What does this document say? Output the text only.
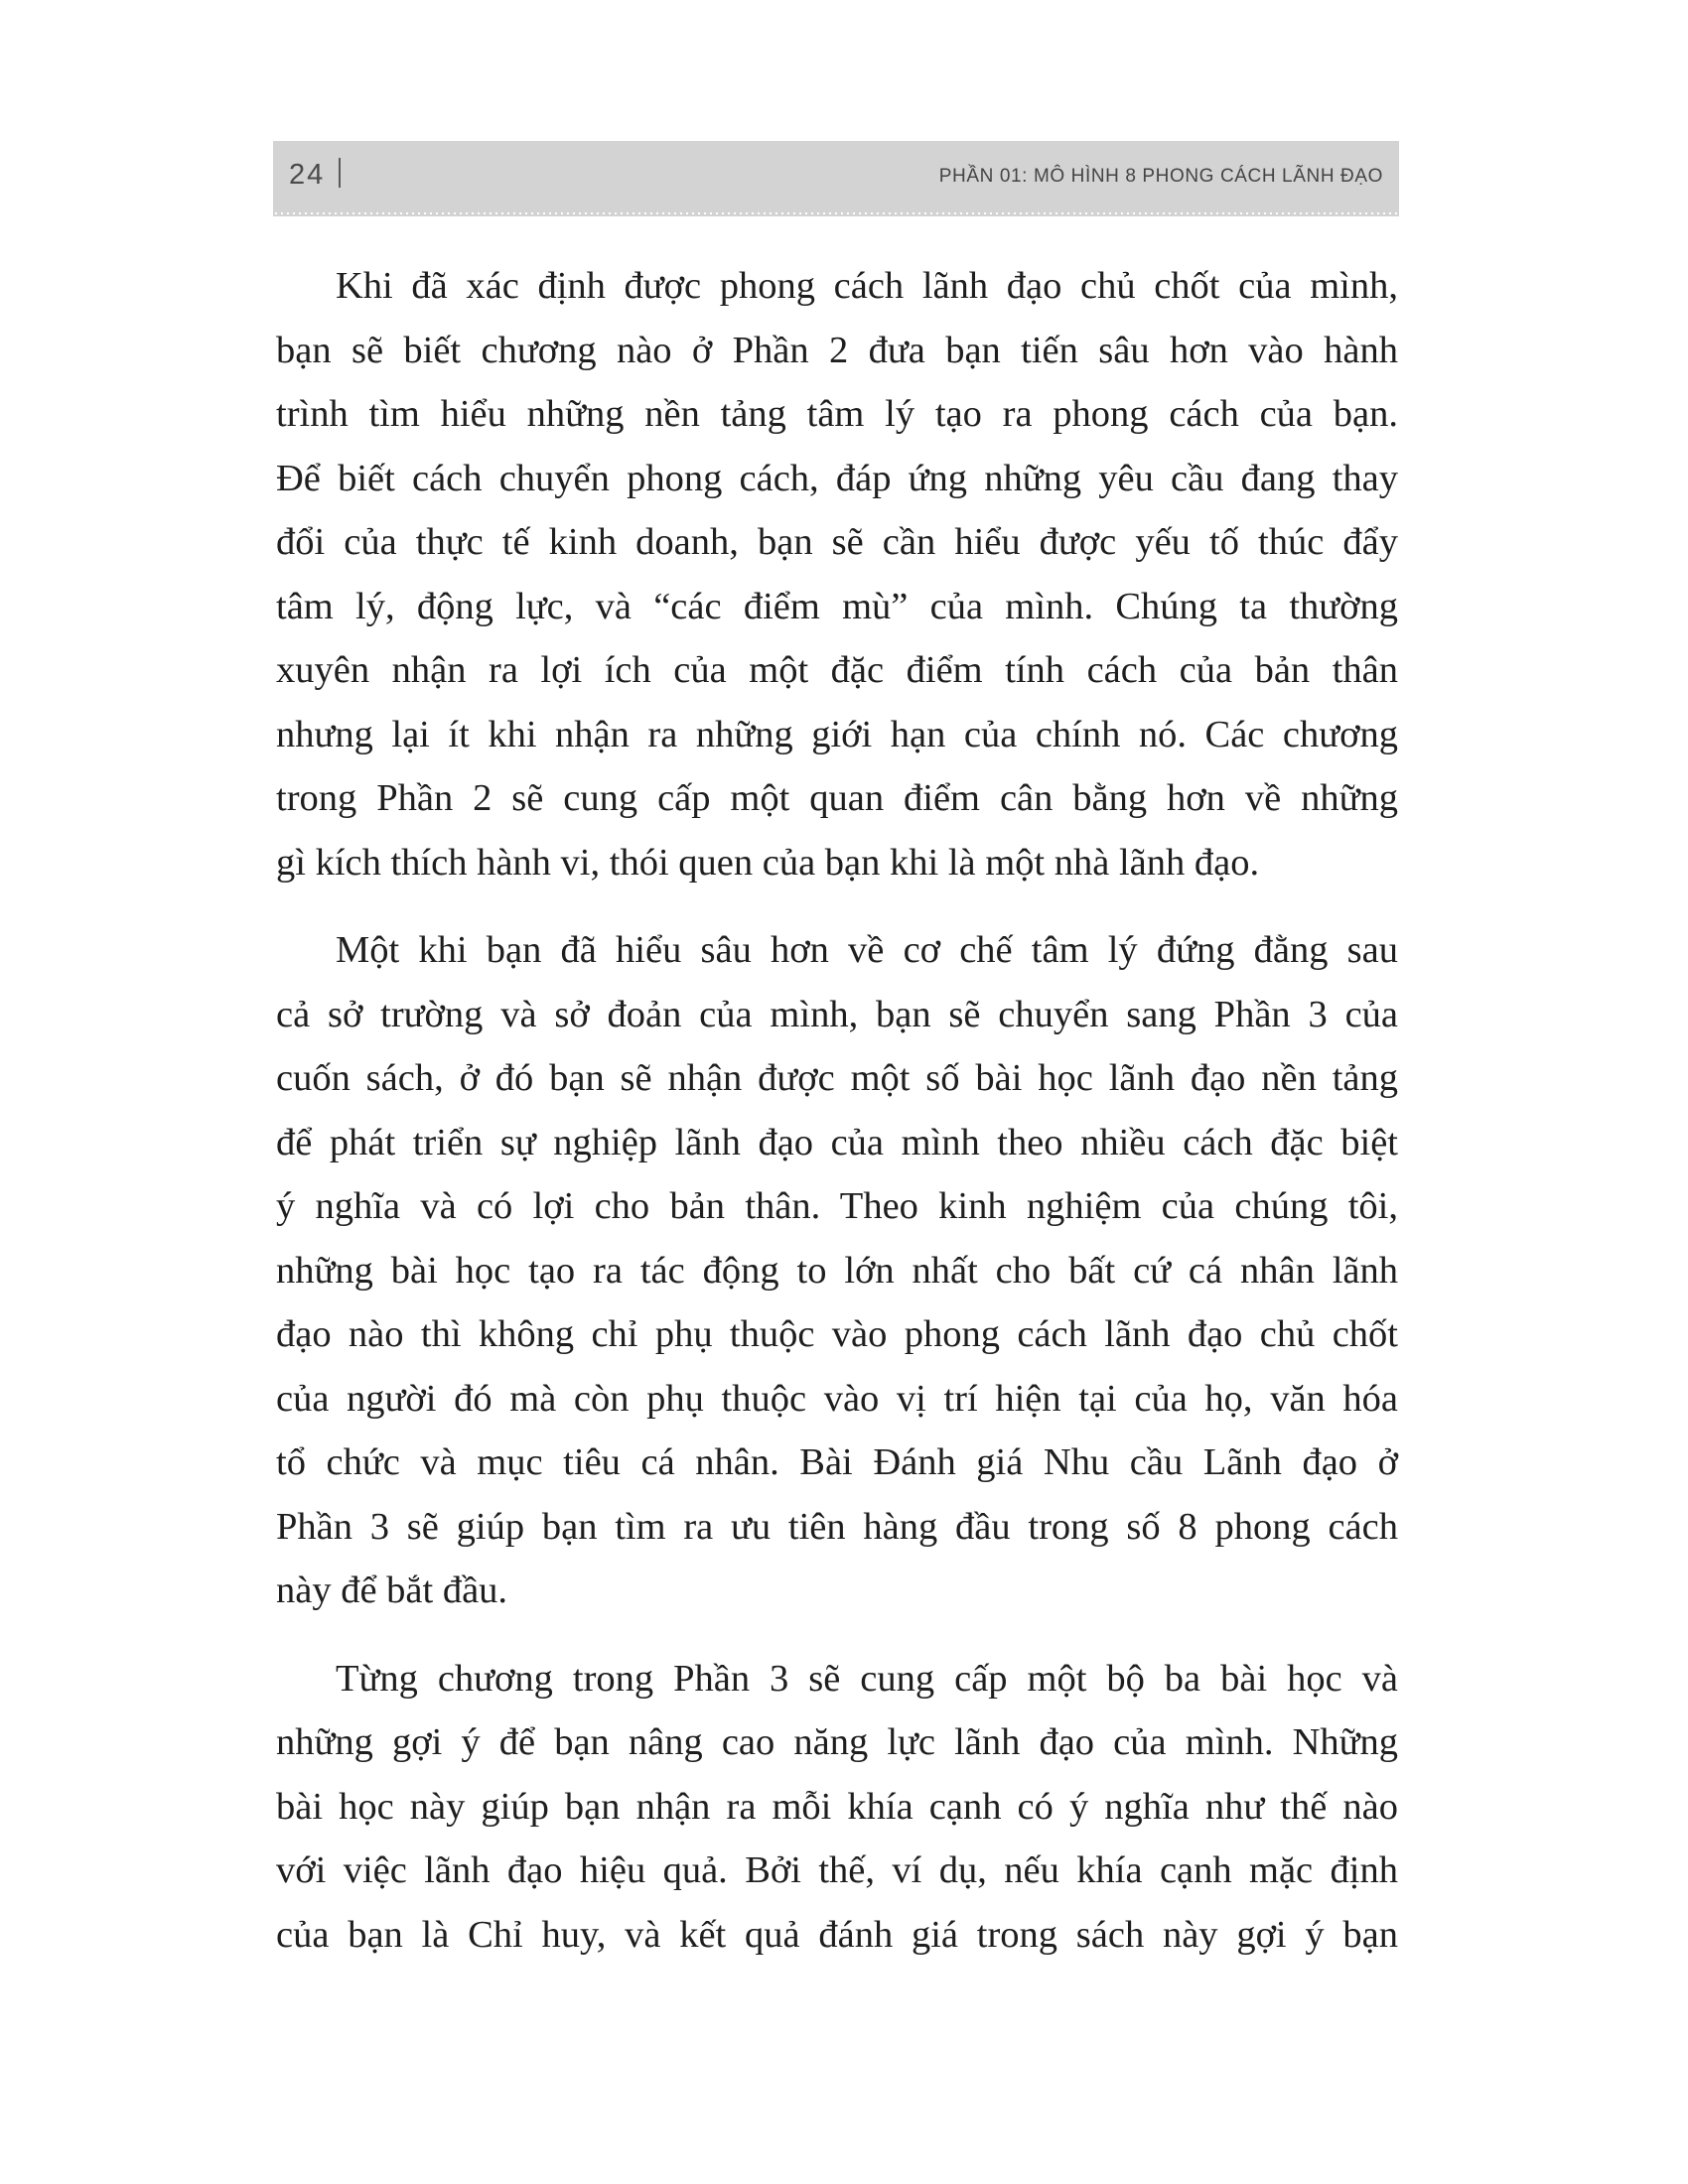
24	PHẦN 01: MÔ HÌNH 8 PHONG CÁCH LÃNH ĐẠO
Khi đã xác định được phong cách lãnh đạo chủ chốt của mình,
bạn sẽ biết chương nào ở Phần 2 đưa bạn tiến sâu hơn vào hành
trình tìm hiểu những nền tảng tâm lý tạo ra phong cách của bạn.
Để biết cách chuyển phong cách, đáp ứng những yêu cầu đang thay
đổi của thực tế kinh doanh, bạn sẽ cần hiểu được yếu tố thúc đẩy
tâm lý, động lực, và “các điểm mù” của mình. Chúng ta thường
xuyên nhận ra lợi ích của một đặc điểm tính cách của bản thân
nhưng lại ít khi nhận ra những giới hạn của chính nó. Các chương
trong Phần 2 sẽ cung cấp một quan điểm cân bằng hơn về những
gì kích thích hành vi, thói quen của bạn khi là một nhà lãnh đạo.
Một khi bạn đã hiểu sâu hơn về cơ chế tâm lý đứng đằng sau
cả sở trường và sở đoản của mình, bạn sẽ chuyển sang Phần 3 của
cuốn sách, ở đó bạn sẽ nhận được một số bài học lãnh đạo nền tảng
để phát triển sự nghiệp lãnh đạo của mình theo nhiều cách đặc biệt
ý nghĩa và có lợi cho bản thân. Theo kinh nghiệm của chúng tôi,
những bài học tạo ra tác động to lớn nhất cho bất cứ cá nhân lãnh
đạo nào thì không chỉ phụ thuộc vào phong cách lãnh đạo chủ chốt
của người đó mà còn phụ thuộc vào vị trí hiện tại của họ, văn hóa
tổ chức và mục tiêu cá nhân. Bài Đánh giá Nhu cầu Lãnh đạo ở
Phần 3 sẽ giúp bạn tìm ra ưu tiên hàng đầu trong số 8 phong cách
này để bắt đầu.
Từng chương trong Phần 3 sẽ cung cấp một bộ ba bài học và
những gợi ý để bạn nâng cao năng lực lãnh đạo của mình. Những
bài học này giúp bạn nhận ra mỗi khía cạnh có ý nghĩa như thế nào
với việc lãnh đạo hiệu quả. Bởi thế, ví dụ, nếu khía cạnh mặc định
của bạn là Chỉ huy, và kết quả đánh giá trong sách này gợi ý bạn
